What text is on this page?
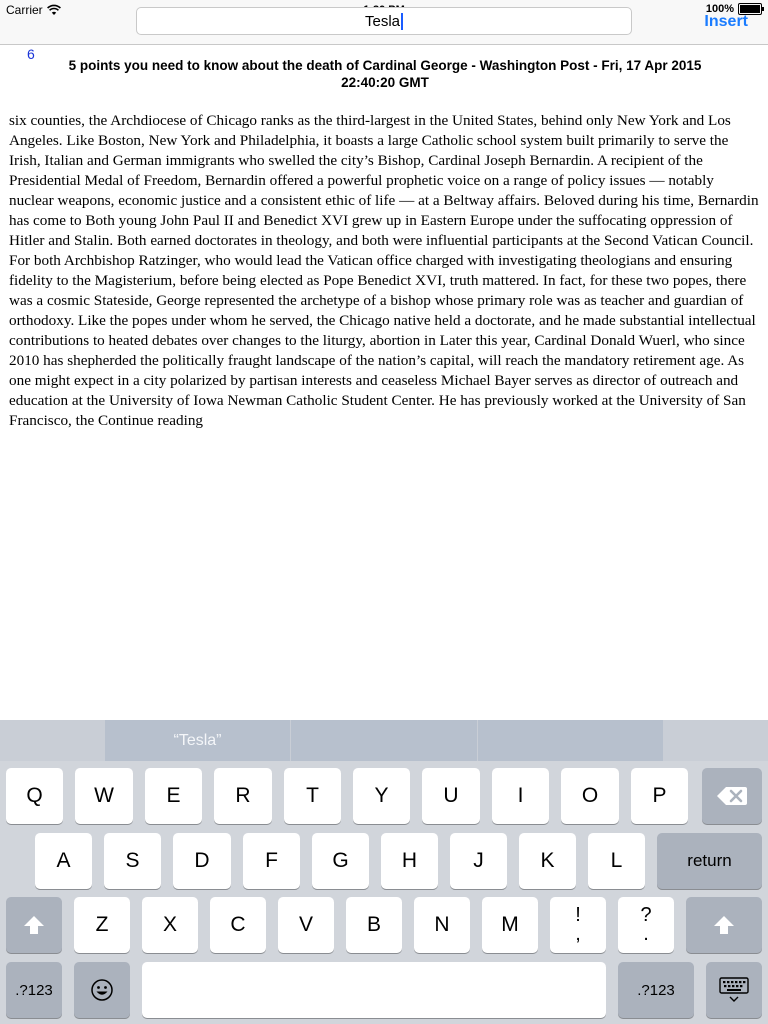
Carrier	100%
Tesla	Insert
6
5 points you need to know about the death of Cardinal George - Washington Post - Fri, 17 Apr 2015 22:40:20 GMT
six counties, the Archdiocese of Chicago ranks as the third-largest in the United States, behind only New York and Los Angeles. Like Boston, New York and Philadelphia, it boasts a large Catholic school system built primarily to serve the Irish, Italian and German immigrants who swelled the city’s Bishop, Cardinal Joseph Bernardin. A recipient of the Presidential Medal of Freedom, Bernardin offered a powerful prophetic voice on a range of policy issues — notably nuclear weapons, economic justice and a consistent ethic of life — at a Beltway affairs. Beloved during his time, Bernardin has come to Both young John Paul II and Benedict XVI grew up in Eastern Europe under the suffocating oppression of Hitler and Stalin. Both earned doctorates in theology, and both were influential participants at the Second Vatican Council. For both Archbishop Ratzinger, who would lead the Vatican office charged with investigating theologians and ensuring fidelity to the Magisterium, before being elected as Pope Benedict XVI, truth mattered. In fact, for these two popes, there was a cosmic Stateside, George represented the archetype of a bishop whose primary role was as teacher and guardian of orthodoxy. Like the popes under whom he served, the Chicago native held a doctorate, and he made substantial intellectual contributions to heated debates over changes to the liturgy, abortion in Later this year, Cardinal Donald Wuerl, who since 2010 has shepherded the politically fraught landscape of the nation’s capital, will reach the mandatory retirement age. As one might expect in a city polarized by partisan interests and ceaseless Michael Bayer serves as director of outreach and education at the University of Iowa Newman Catholic Student Center. He has previously worked at the University of San Francisco, the Continue reading
“Tesla”
Q	W	E	R	T	Y	U	I	O	P
A	S	D	F	G	H	J	K	L	return
Z	X	C	V	B	N	M	!
,
?
.
.?123	.?123
